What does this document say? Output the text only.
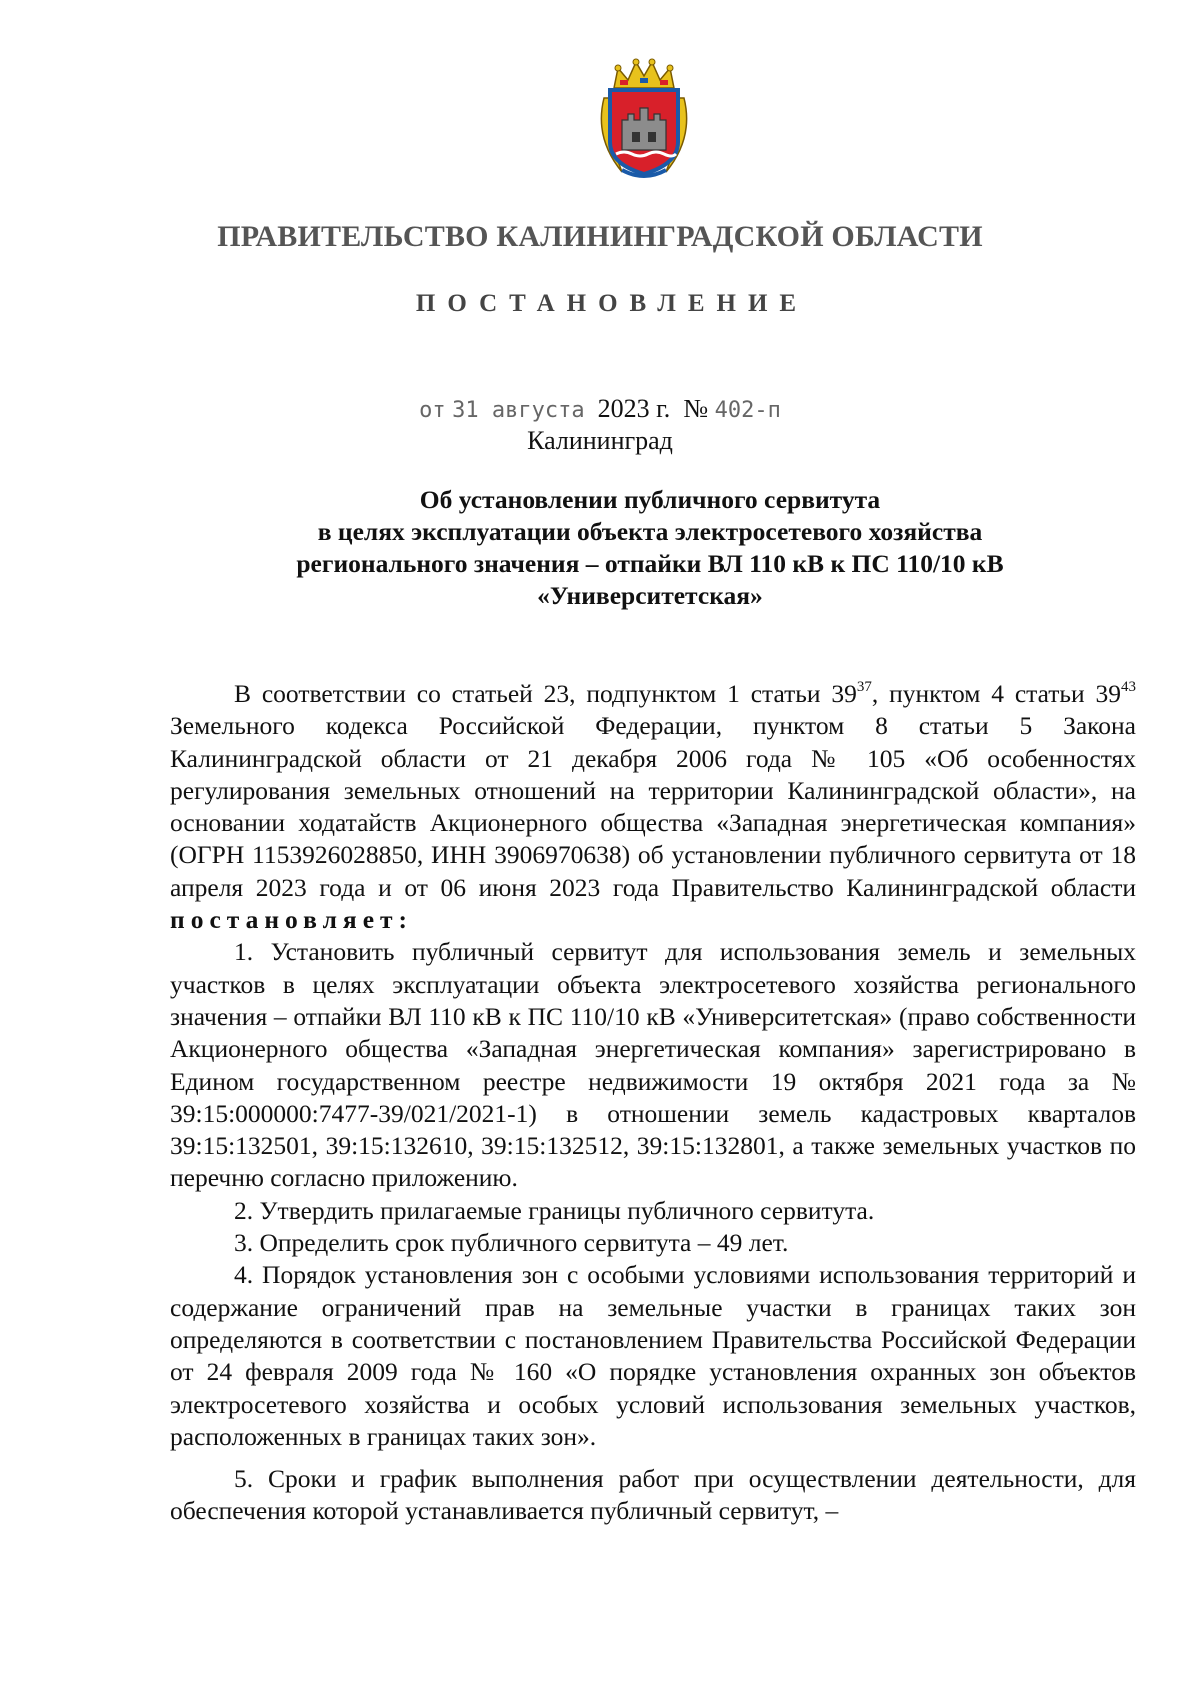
ПРАВИТЕЛЬСТВО КАЛИНИНГРАДСКОЙ ОБЛАСТИ
ПОСТАНОВЛЕНИЕ
от 31 августа 2023 г. № 402-п
Калининград
Об установлении публичного сервитута
в целях эксплуатации объекта электросетевого хозяйства
регионального значения – отпайки ВЛ 110 кВ к ПС 110/10 кВ
«Университетская»

В соответствии со статьей 23, подпунктом 1 статьи $39^{37}$, пунктом 4 статьи $39^{43}$ Земельного кодекса Российской Федерации, пунктом 8 статьи 5 Закона Калининградской области от 21 декабря 2006 года № 105 «Об особенностях регулирования земельных отношений на территории Калининградской области», на основании ходатайств Акционерного общества «Западная энергетическая компания» (ОГРН 1153926028850, ИНН 3906970638) об установлении публичного сервитута от 18 апреля 2023 года и от 06 июня 2023 года Правительство Калининградской области постановляет:

1. Установить публичный сервитут для использования земель и земельных участков в целях эксплуатации объекта электросетевого хозяйства регионального значения – отпайки ВЛ 110 кВ к ПС 110/10 кВ «Университетская» (право собственности Акционерного общества «Западная энергетическая компания» зарегистрировано в Едином государственном реестре недвижимости 19 октября 2021 года за № 39:15:000000:7477-39/021/2021-1) в отношении земель кадастровых кварталов 39:15:132501, 39:15:132610, 39:15:132512, 39:15:132801, а также земельных участков по перечню согласно приложению.

2. Утвердить прилагаемые границы публичного сервитута.

3. Определить срок публичного сервитута – 49 лет.

4. Порядок установления зон с особыми условиями использования территорий и содержание ограничений прав на земельные участки в границах таких зон определяются в соответствии с постановлением Правительства Российской Федерации от 24 февраля 2009 года № 160 «О порядке установления охранных зон объектов электросетевого хозяйства и особых условий использования земельных участков, расположенных в границах таких зон».

5. Сроки и график выполнения работ при осуществлении деятельности, для обеспечения которой устанавливается публичный сервитут, –
